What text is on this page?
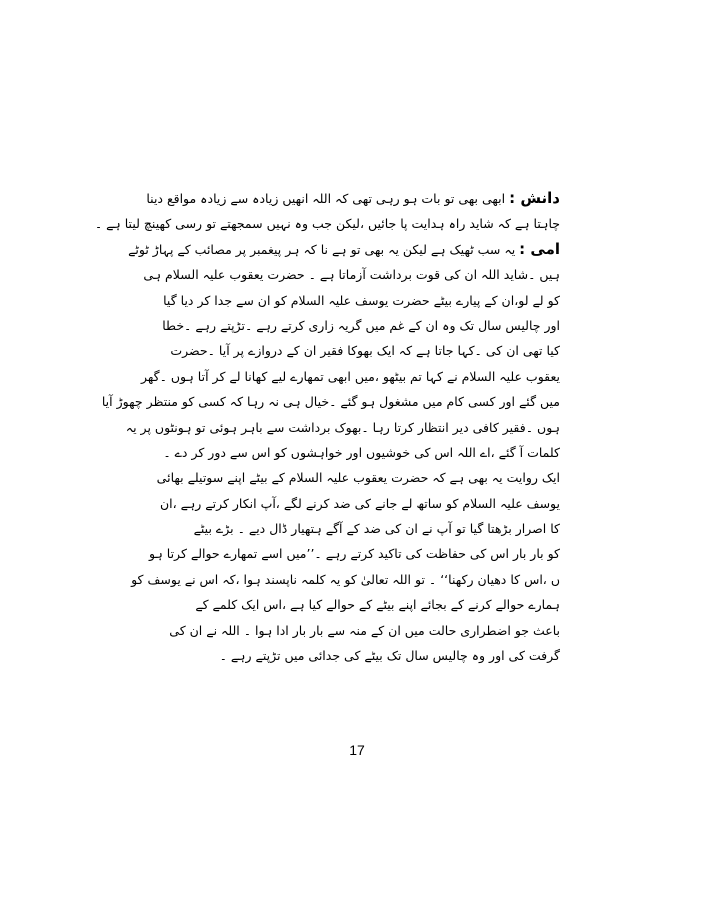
دانش : ابھی بھی تو بات ہو رہی تھی کہ اللہ انھیں زیادہ سے زیادہ مواقع دینا
چاہتا ہے کہ شاید راہ ہدایت پا جائیں ،لیکن جب وہ نہیں سمجھتے تو رسی کھینچ لیتا ہے ۔
امی : یہ سب ٹھیک ہے لیکن یہ بھی تو ہے نا کہ ہر پیغمبر پر مصائب کے پہاڑ ٹوٹے
ہیں ۔شاید اللہ ان کی قوت برداشت آزماتا ہے ۔ حضرت یعقوب علیہ السلام ہی
کو لے لو،ان کے پیارے بیٹے حضرت یوسف علیہ السلام کو ان سے جدا کر دیا گیا
اور چالیس سال تک وہ ان کے غم میں گریہ زاری کرتے رہے ۔تڑپتے رہے ۔خطا
کیا تھی ان کی ۔کہا جاتا ہے کہ ایک بھوکا فقیر ان کے دروازے پر آیا ۔حضرت
یعقوب علیہ السلام نے کہا تم بیٹھو ،میں ابھی تمھارے لیے کھانا لے کر آتا ہوں ۔گھر
میں گئے اور کسی کام میں مشغول ہو گئے ۔خیال ہی نہ رہا کہ کسی کو منتظر چھوڑ آیا
ہوں ۔فقیر کافی دیر انتظار کرتا رہا ۔بھوک برداشت سے باہر ہوئی تو ہونٹوں پر یہ
کلمات آ گئے ،اے اللہ اس کی خوشیوں اور خواہشوں کو اس سے دور کر دے ۔
ایک روایت یہ بھی ہے کہ حضرت یعقوب علیہ السلام کے بیٹے اپنے سوتیلے بھائی
یوسف علیہ السلام کو ساتھ لے جانے کی ضد کرنے لگے ،آپ انکار کرتے رہے ،ان
کا اصرار بڑھتا گیا تو آپ نے ان کی ضد کے آگے ہتھیار ڈال دیے ۔ بڑے بیٹے
کو بار بار اس کی حفاظت کی تاکید کرتے رہے ۔’’میں اسے تمھارے حوالے کرتا ہو
ں ،اس کا دھیان رکھنا‘‘ ۔ تو اللہ تعالیٰ کو یہ کلمہ ناپسند ہوا ،کہ اس نے یوسف کو
ہمارے حوالے کرنے کے بجائے اپنے بیٹے کے حوالے کیا ہے ،اس ایک کلمے کے
باعث جو اضطراری حالت میں ان کے منہ سے بار بار ادا ہوا ۔ اللہ نے ان کی
گرفت کی اور وہ چالیس سال تک بیٹے کی جدائی میں تڑپتے رہے ۔
17
